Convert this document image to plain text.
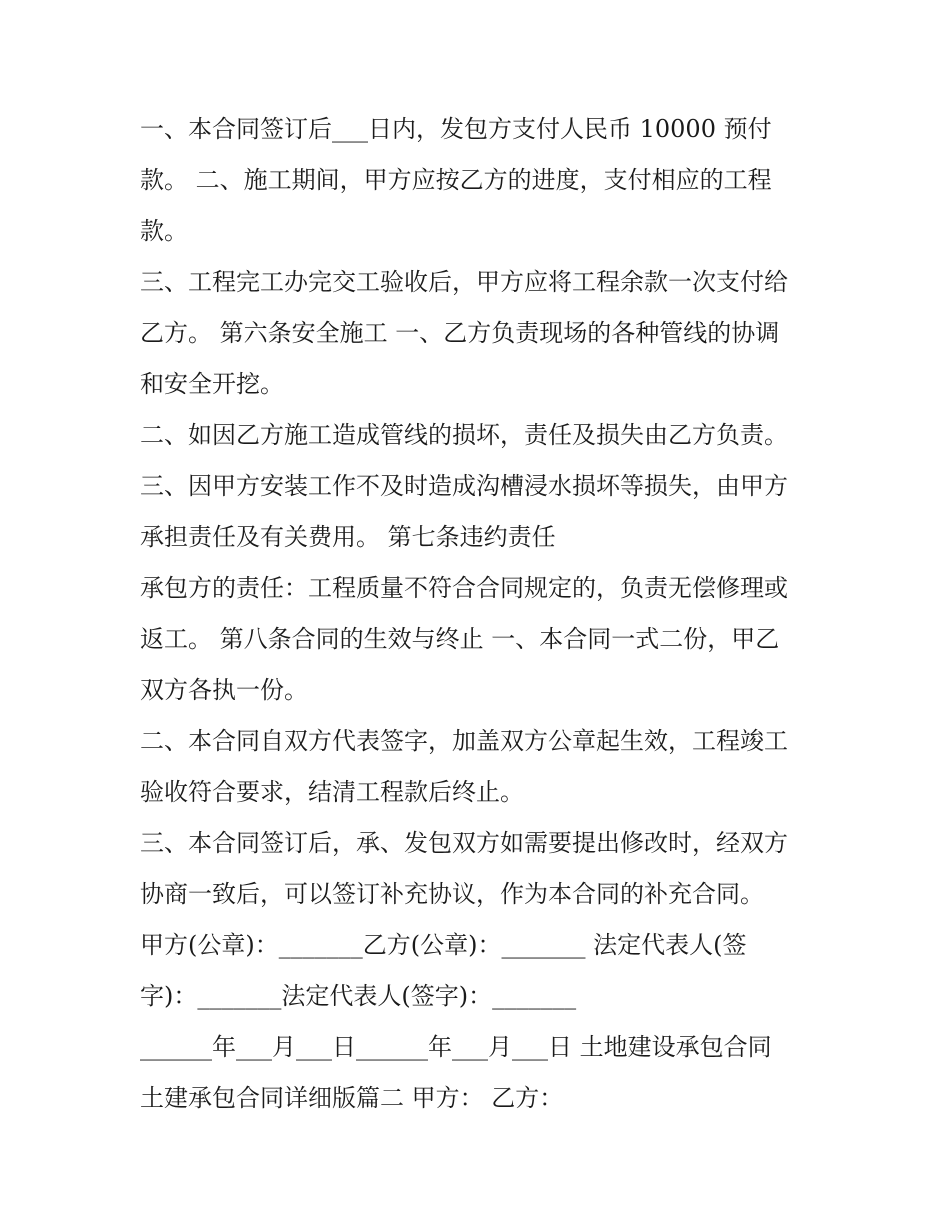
一、本合同签订后___日内，发包方支付人民币 10000 预付
款。 二、施工期间，甲方应按乙方的进度，支付相应的工程
款。
三、工程完工办完交工验收后，甲方应将工程余款一次支付给
乙方。 第六条安全施工 一、乙方负责现场的各种管线的协调
和安全开挖。
二、如因乙方施工造成管线的损坏，责任及损失由乙方负责。
三、因甲方安装工作不及时造成沟槽浸水损坏等损失，由甲方
承担责任及有关费用。 第七条违约责任
承包方的责任：工程质量不符合合同规定的，负责无偿修理或
返工。 第八条合同的生效与终止 一、本合同一式二份，甲乙
双方各执一份。
二、本合同自双方代表签字，加盖双方公章起生效，工程竣工
验收符合要求，结清工程款后终止。
三、本合同签订后，承、发包双方如需要提出修改时，经双方
协商一致后，可以签订补充协议，作为本合同的补充合同。
甲方(公章)：_______乙方(公章)：_______ 法定代表人(签
字)：_______法定代表人(签字)：_______
______年___月___日______年___月___日 土地建设承包合同
土建承包合同详细版篇二 甲方： 乙方：
